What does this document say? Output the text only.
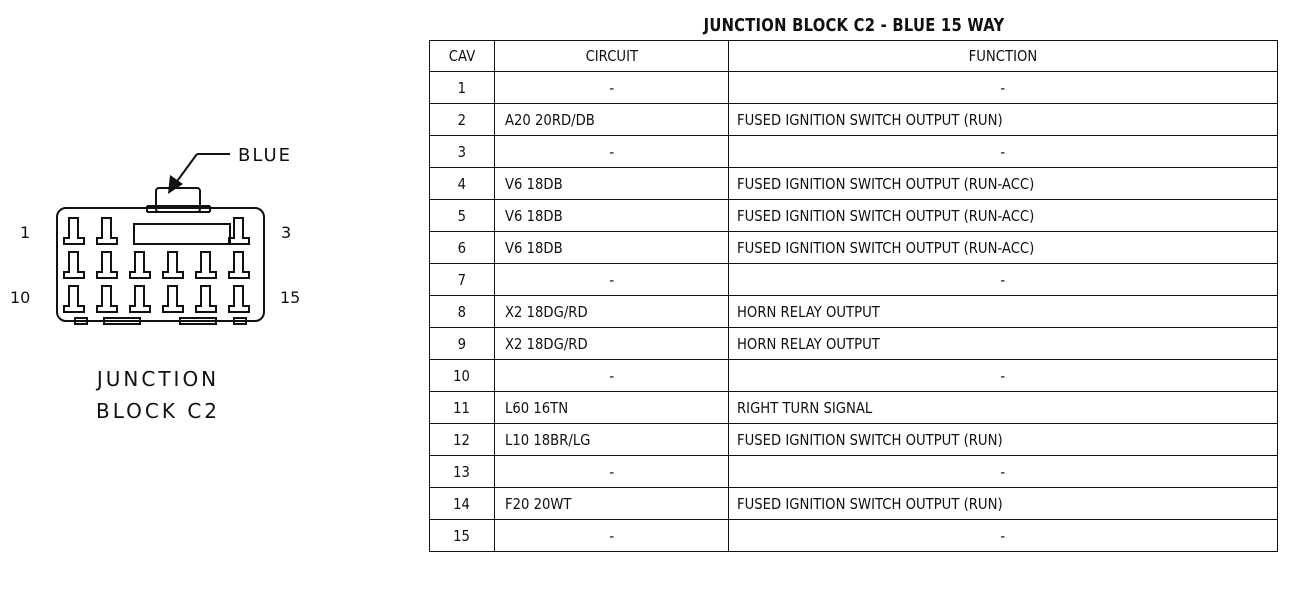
BLUE
1	3
10	15
JUNCTION
BLOCK C2
JUNCTION BLOCK C2 - BLUE 15 WAY
CAV	CIRCUIT	FUNCTION
1	-	-
2	A20 20RD/DB	FUSED IGNITION SWITCH OUTPUT (RUN)
3	-	-
4	V6 18DB	FUSED IGNITION SWITCH OUTPUT (RUN-ACC)
5	V6 18DB	FUSED IGNITION SWITCH OUTPUT (RUN-ACC)
6	V6 18DB	FUSED IGNITION SWITCH OUTPUT (RUN-ACC)
7	-	-
8	X2 18DG/RD	HORN RELAY OUTPUT
9	X2 18DG/RD	HORN RELAY OUTPUT
10	-	-
11	L60 16TN	RIGHT TURN SIGNAL
12	L10 18BR/LG	FUSED IGNITION SWITCH OUTPUT (RUN)
13	-	-
14	F20 20WT	FUSED IGNITION SWITCH OUTPUT (RUN)
15	-	-
